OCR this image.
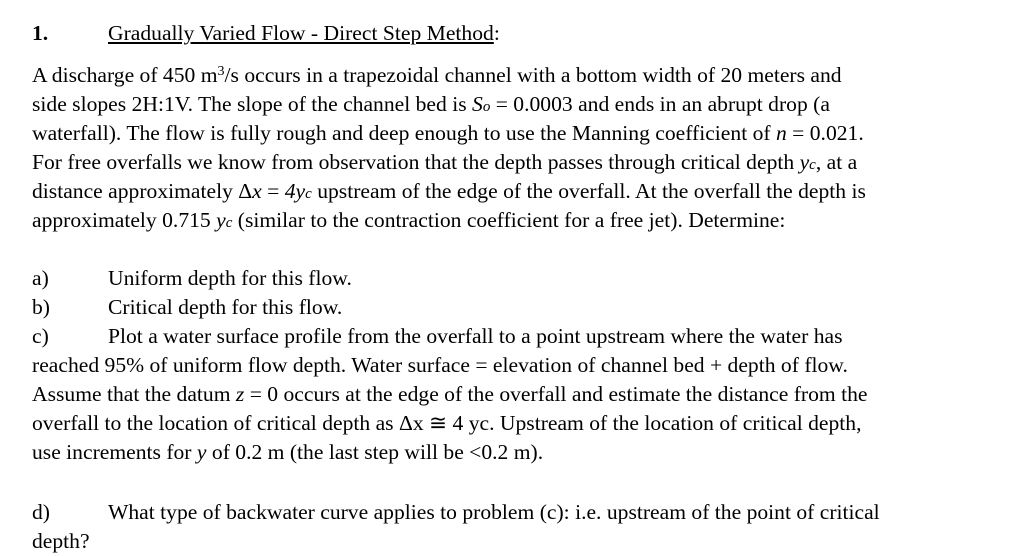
1.	Gradually Varied Flow - Direct Step Method:
A discharge of 450 $m^3/s$ occurs in a trapezoidal channel with a bottom width of 20 meters and
side slopes 2H:1V. The slope of the channel bed is So = 0.0003 and ends in an abrupt drop (a
waterfall). The flow is fully rough and deep enough to use the Manning coefficient of n = 0.021.
For free overfalls we know from observation that the depth passes through critical depth yc, at a
distance approximately Δx = 4yc upstream of the edge of the overfall. At the overfall the depth is
approximately 0.715 yc (similar to the contraction coefficient for a free jet). Determine:
a)	Uniform depth for this flow.
b)	Critical depth for this flow.
c)	Plot a water surface profile from the overfall to a point upstream where the water has
reached 95% of uniform flow depth. Water surface = elevation of channel bed + depth of flow.
Assume that the datum z = 0 occurs at the edge of the overfall and estimate the distance from the
overfall to the location of critical depth as Δx ≅ 4 yc. Upstream of the location of critical depth,
use increments for y of 0.2 m (the last step will be <0.2 m).
d)	What type of backwater curve applies to problem (c): i.e. upstream of the point of critical
depth?
